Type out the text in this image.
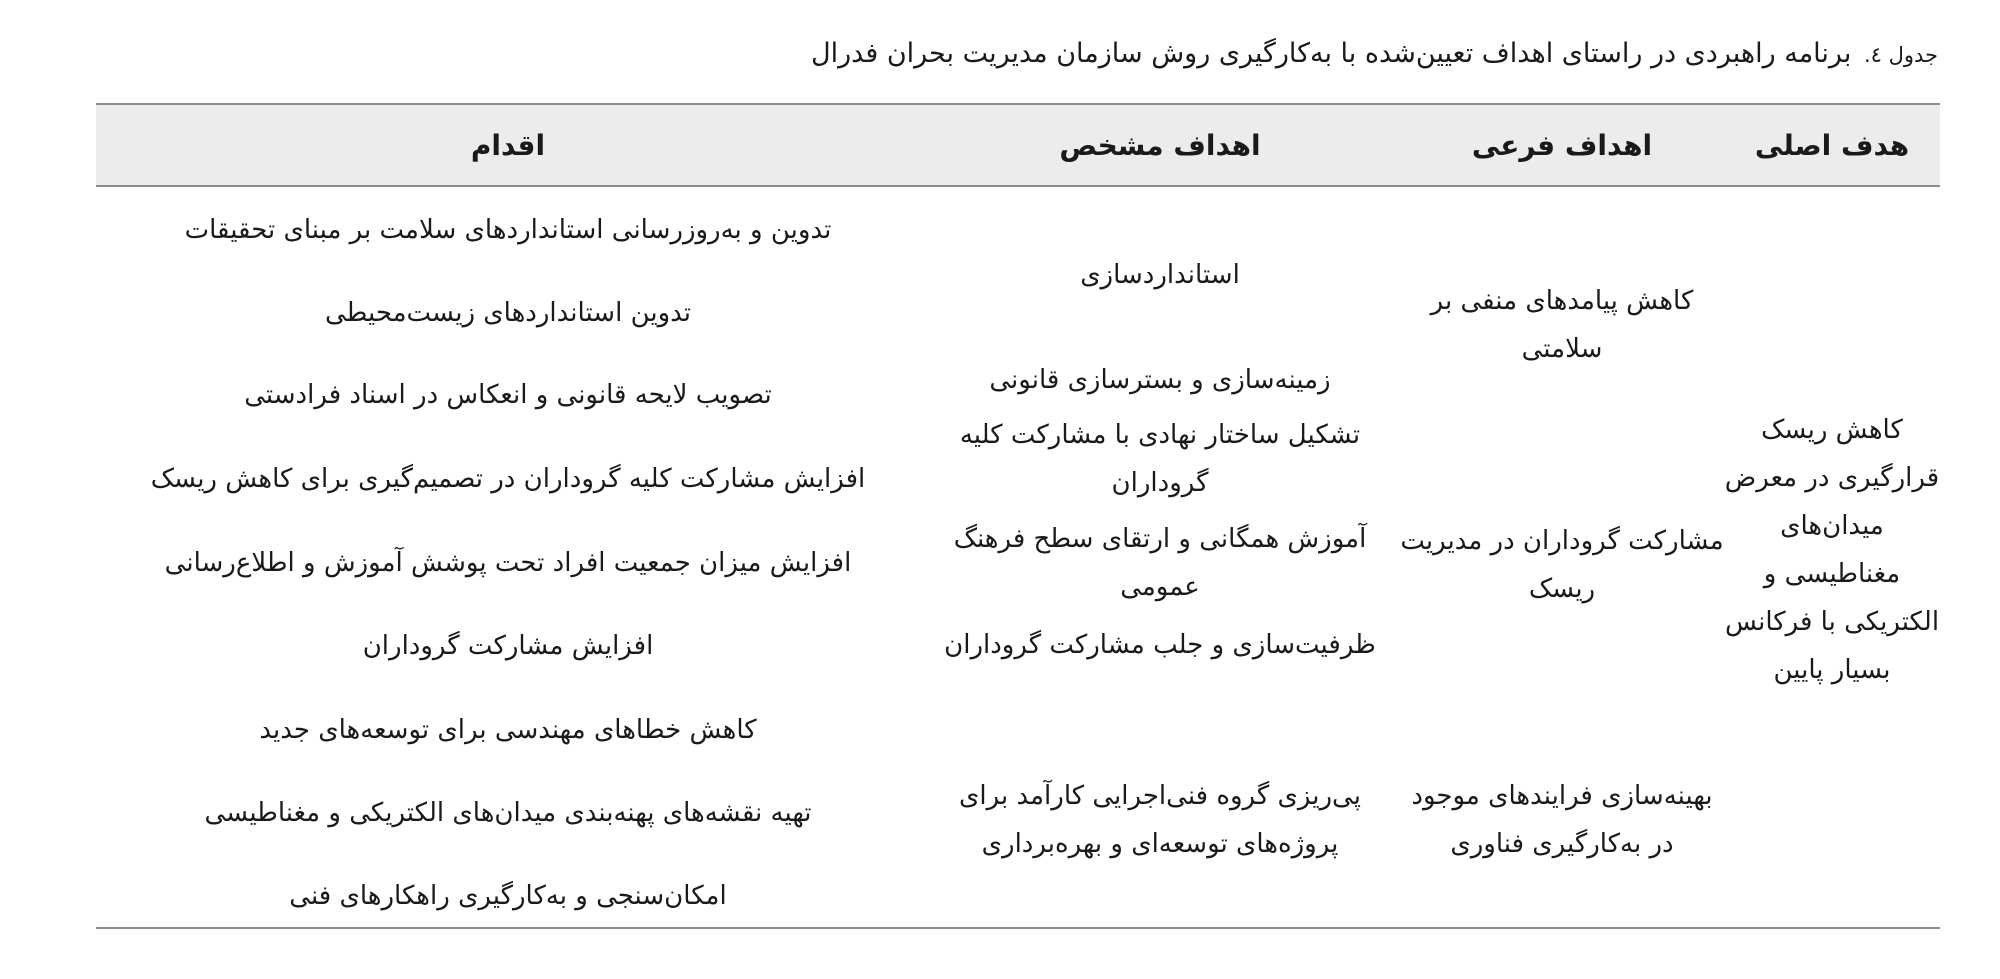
جدول ٤. برنامه راهبردی در راستای اهداف تعیین‌شده با به‌کارگیری روش سازمان مدیریت بحران فدرال
هدف اصلی
اهداف فرعی
اهداف مشخص
اقدام
کاهش ریسک قرارگیری در معرض میدان‌های مغناطیسی و الکتریکی با فرکانس بسیار پایین
کاهش پیامدهای منفی بر سلامتی
مشارکت گروداران در مدیریت ریسک
بهینه‌سازی فرایندهای موجود در به‌کارگیری فناوری
استانداردسازی
زمینه‌سازی و بسترسازی قانونی
تشکیل ساختار نهادی با مشارکت کلیه گروداران
آموزش همگانی و ارتقای سطح فرهنگ عمومی
ظرفیت‌سازی و جلب مشارکت گروداران
پی‌ریزی گروه فنی‌اجرایی کارآمد برای پروژه‌های توسعه‌ای و بهره‌برداری
تدوین و به‌روزرسانی استانداردهای سلامت بر مبنای تحقیقات
تدوین استانداردهای زیست‌محیطی
تصویب لایحه قانونی و انعکاس در اسناد فرادستی
افزایش مشارکت کلیه گروداران در تصمیم‌گیری برای کاهش ریسک
افزایش میزان جمعیت افراد تحت پوشش آموزش و اطلاع‌رسانی
افزایش مشارکت گروداران
کاهش خطاهای مهندسی برای توسعه‌های جدید
تهیه نقشه‌های پهنه‌بندی میدان‌های الکتریکی و مغناطیسی
امکان‌سنجی و به‌کارگیری راهکارهای فنی
